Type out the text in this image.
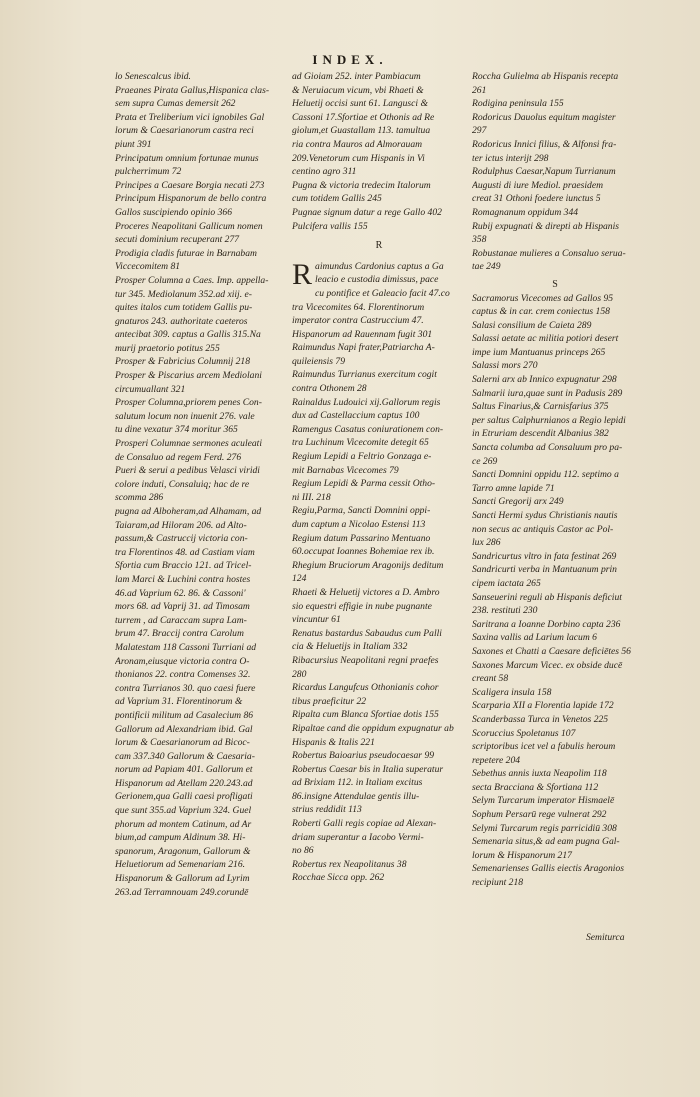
INDEX.
lo Senescalcus ibid.
Praeanes Pirata Gallus,Hispanica clas-
sem supra Cumas demersit 262
Prata et Treliberium vici ignobiles Gal
lorum & Caesarianorum castra reci
piunt 391
Principatum omnium fortunae munus
pulcherrimum 72
Principes a Caesare Borgia necati 273
Principum Hispanorum de bello contra
Gallos suscipiendo opinio 366
Proceres Neapolitani Gallicum nomen
secuti dominium recuperant 277
Prodigia cladis futurae in Barnabam
Viccecomitem 81
Prosper Columna a Caes. Imp. appella-
tur 345. Mediolanum 352.ad xiij. e-
quites italos cum totidem Gallis pu-
gnaturos 243. authoritate caeteros
antecibat 309. captus a Gallis 315.Na
murij praetorio potitus 255
Prosper & Fabricius Columnij 218
Prosper & Piscarius arcem Mediolani
circumuallant 321
Prosper Columna,priorem penes Con-
salutum locum non inuenit 276. vale
tu dine vexatur 374 moritur 365
Prosperi Columnae sermones aculeati
de Consaluo ad regem Ferd. 276
Pueri & serui a pedibus Velasci viridi
colore induti, Consaluiq; hac de re
scomma 286
pugna ad Alboheram,ad Alhamam, ad
Taiaram,ad Hiloram 206. ad Alto-
passum,& Castruccij victoria con-
tra Florentinos 48. ad Castiam viam
Sfortia cum Braccio 121. ad Tricel-
lam Marci & Luchini contra hostes
46.ad Vaprium 62. 86. & Cassoni'
mors 68. ad Vaprij 31. ad Timosam
turrem , ad Caraccam supra Lam-
brum 47. Braccij contra Carolum
Malatestam 118 Cassoni Turriani ad
Aronam,eiusque victoria contra O-
thonianos 22. contra Comenses 32.
contra Turrianos 30. quo caesi fuere
ad Vaprium 31. Florentinorum &
pontificii militum ad Casalecium 86
Gallorum ad Alexandriam ibid. Gal
lorum & Caesarianorum ad Bicoc-
cam 337.340 Gallorum & Caesaria-
norum ad Papiam 401. Gallorum et
Hispanorum ad Atellam 220.243.ad
Gerionem,qua Galli caesi profligati
que sunt 355.ad Vaprium 324. Guel
phorum ad montem Catinum, ad Ar
bium,ad campum Aldinum 38. Hi-
spanorum, Aragonum, Gallorum &
Heluetiorum ad Semenariam 216.
Hispanorum & Gallorum ad Lyrim
263.ad Terramnouam 249.corundē
ad Gioiam 252. inter Pambiacum
& Neruiacum vicum, vbi Rhaeti &
Heluetij occisi sunt 61. Langusci &
Cassoni 17.Sfortiae et Othonis ad Re
giolum,et Guastallam 113. tamultua
ria contra Mauros ad Almorauam
209.Venetorum cum Hispanis in Vi
centino agro 311
Pugna & victoria tredecim Italorum
cum totidem Gallis 245
Pugnae signum datur a rege Gallo 402
Pulcifera vallis 155
R
R aimundus Cardonius captus a Ga
leacio e custodia dimissus, pace
cu pontifice et Galeacio facit 47.co
tra Vicecomites 64. Florentinorum
imperator contra Castruccium 47.
Hispanorum ad Rauennam fugit 301
Raimundus Napi frater,Patriarcha A-
quileiensis 79
Raimundus Turrianus exercitum cogit
contra Othonem 28
Rainaldus Ludouici xij.Gallorum regis
dux ad Castellaccium captus 100
Ramengus Casatus coniurationem con-
tra Luchinum Vicecomite detegit 65
Regium Lepidi a Feltrio Gonzaga e-
mit Barnabas Vicecomes 79
Regium Lepidi & Parma cessit Otho-
ni III. 218
Regiu,Parma, Sancti Domnini oppi-
dum captum a Nicolao Estensi 113
Regium datum Passarino Mentuano
60.occupat Ioannes Bohemiae rex ib.
Rhegium Bruciorum Aragonijs deditum
124
Rhaeti & Heluetij victores a D. Ambro
sio equestri effigie in nube pugnante
vincuntur 61
Renatus bastardus Sabaudus cum Palli
cia & Heluetijs in Italiam 332
Ribacursius Neapolitani regni praefes
280
Ricardus Langufcus Othonianis cohor
tibus praeficitur 22
Ripalta cum Blanca Sfortiae dotis 155
Ripaltae cand die oppidum expugnatur ab
Hispanis & Italis 221
Robertus Baioarius pseudocaesar 99
Robertus Caesar bis in Italia superatur
ad Brixiam 112. in Italiam excitus
86.insigne Attendulae gentis illu-
strius reddidit 113
Roberti Galli regis copiae ad Alexan-
driam superantur a Iacobo Vermi-
no 86
Robertus rex Neapolitanus 38
Rocchae Sicca opp. 262
Roccha Gulielma ab Hispanis recepta
261
Rodigina peninsula 155
Rodoricus Dauolus equitum magister
297
Rodoricus Innici filius, & Alfonsi fra-
ter ictus interijt 298
Rodulphus Caesar,Napum Turrianum
Augusti di iure Mediol. praesidem
creat 31 Othoni foedere iunctus 5
Romagnanum oppidum 344
Rubij expugnati & direpti ab Hispanis
358
Robustanae mulieres a Consaluo serua-
tae 249
S
Sacramorus Vicecomes ad Gallos 95
captus & in car. crem coniectus 158
Salasi consilium de Caieta 289
Salassi aetate ac militia potiori desert
impe ium Mantuanus princeps 265
Salassi mors 270
Salerni arx ab Innico expugnatur 298
Salmarii iura,quae sunt in Padusis 289
Saltus Finarius,& Carnisfarius 375
per saltus Calphurnianos a Regio lepidi
in Etruriam descendit Albanius 382
Sancta columba ad Consaluum pro pa-
ce 269
Sancti Domnini oppidu 112. septimo a
Tarro amne lapide 71
Sancti Gregorij arx 249
Sancti Hermi sydus Christianis nautis
non secus ac antiquis Castor ac Pol-
lux 286
Sandricurtus vltro in fata festinat 269
Sandricurti verba in Mantuanum prin
cipem iactata 265
Sanseuerini reguli ab Hispanis deficiut
238. restituti 230
Saritrana a Ioanne Dorbino capta 236
Saxina vallis ad Larium lacum 6
Saxones et Chatti a Caesare deficiētes 56
Saxones Marcum Vicec. ex obside ducē
creant 58
Scaligera insula 158
Scarparia XII a Florentia lapide 172
Scanderbassa Turca in Venetos 225
Scoruccius Spoletanus 107
scriptoribus icet vel a fabulis heroum
repetere 204
Sebethus annis iuxta Neapolim 118
secta Bracciana & Sfortiana 112
Selym Turcarum imperator Hismaelē
Sophum Persarū rege vulnerat 292
Selymi Turcarum regis parricidiū 308
Semenaria situs,& ad eam pugna Gal-
lorum & Hispanorum 217
Semenarienses Gallis eiectis Aragonios
recipiunt 218
Semiturca
